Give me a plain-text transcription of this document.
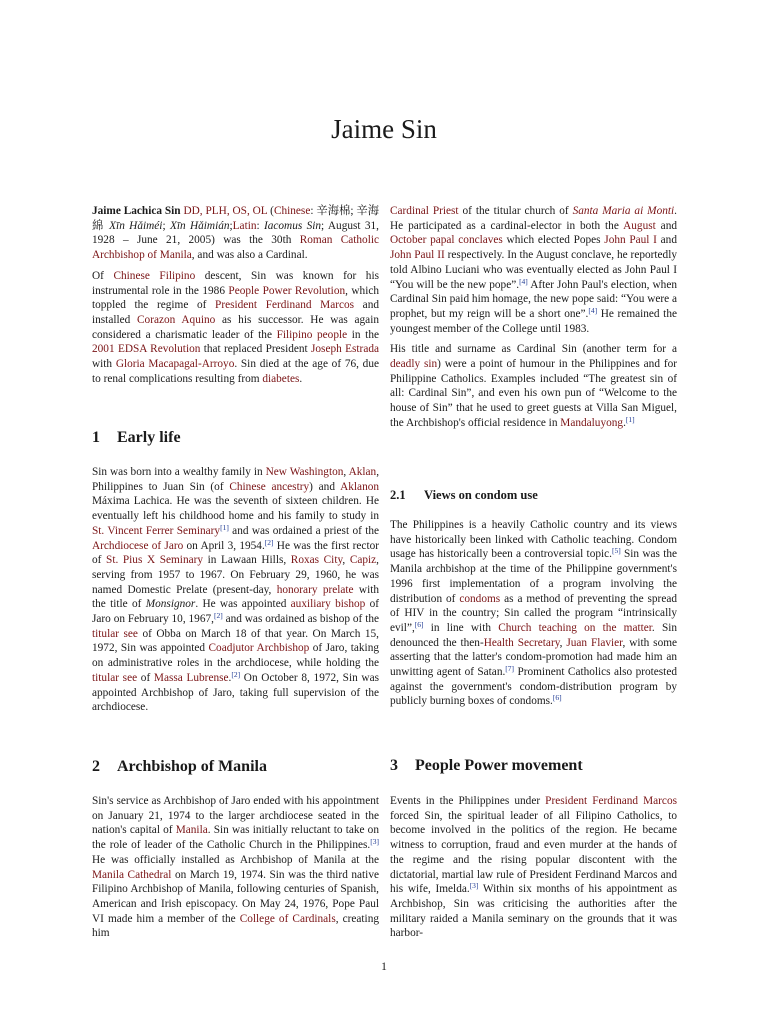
Jaime Sin

Jaime Lachica Sin DD, PLH, OS, OL (Chinese: 辛海棉; 辛海綿 Xīn Hǎiméi; Xīn Hǎimián;Latin: Iacomus Sin; August 31, 1928 – June 21, 2005) was the 30th Roman Catholic Archbishop of Manila, and was also a Cardinal.

Of Chinese Filipino descent, Sin was known for his instrumental role in the 1986 People Power Revolution, which toppled the regime of President Ferdinand Marcos and installed Corazon Aquino as his successor. He was again considered a charismatic leader of the Filipino people in the 2001 EDSA Revolution that replaced President Joseph Estrada with Gloria Macapagal-Arroyo. Sin died at the age of 76, due to renal complications resulting from diabetes.

1 Early life

Sin was born into a wealthy family in New Washington, Aklan, Philippines to Juan Sin (of Chinese ancestry) and Aklanon Máxima Lachica. He was the seventh of sixteen children. He eventually left his childhood home and his family to study in St. Vincent Ferrer Seminary[1] and was ordained a priest of the Archdiocese of Jaro on April 3, 1954.[2] He was the first rector of St. Pius X Seminary in Lawaan Hills, Roxas City, Capiz, serving from 1957 to 1967. On February 29, 1960, he was named Domestic Prelate (present-day, honorary prelate with the title of Monsignor. He was appointed auxiliary bishop of Jaro on February 10, 1967,[2] and was ordained as bishop of the titular see of Obba on March 18 of that year. On March 15, 1972, Sin was appointed Coadjutor Archbishop of Jaro, taking on administrative roles in the archdiocese, while holding the titular see of Massa Lubrense.[2] On October 8, 1972, Sin was appointed Archbishop of Jaro, taking full supervision of the archdiocese.

2 Archbishop of Manila

Sin's service as Archbishop of Jaro ended with his appointment on January 21, 1974 to the larger archdiocese seated in the nation's capital of Manila. Sin was initially reluctant to take on the role of leader of the Catholic Church in the Philippines.[3] He was officially installed as Archbishop of Manila at the Manila Cathedral on March 19, 1974. Sin was the third native Filipino Archbishop of Manila, following centuries of Spanish, American and Irish episcopacy. On May 24, 1976, Pope Paul VI made him a member of the College of Cardinals, creating him

Cardinal Priest of the titular church of Santa Maria ai Monti. He participated as a cardinal-elector in both the August and October papal conclaves which elected Popes John Paul I and John Paul II respectively. In the August conclave, he reportedly told Albino Luciani who was eventually elected as John Paul I “You will be the new pope”.[4] After John Paul's election, when Cardinal Sin paid him homage, the new pope said: “You were a prophet, but my reign will be a short one”.[4] He remained the youngest member of the College until 1983.

His title and surname as Cardinal Sin (another term for a deadly sin) were a point of humour in the Philippines and for Philippine Catholics. Examples included “The greatest sin of all: Cardinal Sin”, and even his own pun of “Welcome to the house of Sin” that he used to greet guests at Villa San Miguel, the Archbishop's official residence in Mandaluyong.[1]

2.1 Views on condom use

The Philippines is a heavily Catholic country and its views have historically been linked with Catholic teaching. Condom usage has historically been a controversial topic.[5] Sin was the Manila archbishop at the time of the Philippine government's 1996 first implementation of a program involving the distribution of condoms as a method of preventing the spread of HIV in the country; Sin called the program “intrinsically evil”,[6] in line with Church teaching on the matter. Sin denounced the then-Health Secretary, Juan Flavier, with some asserting that the latter's condom-promotion had made him an unwitting agent of Satan.[7] Prominent Catholics also protested against the government's condom-distribution program by publicly burning boxes of condoms.[6]

3 People Power movement

Events in the Philippines under President Ferdinand Marcos forced Sin, the spiritual leader of all Filipino Catholics, to become involved in the politics of the region. He became witness to corruption, fraud and even murder at the hands of the regime and the rising popular discontent with the dictatorial, martial law rule of President Ferdinand Marcos and his wife, Imelda.[3] Within six months of his appointment as Archbishop, Sin was criticising the authorities after the military raided a Manila seminary on the grounds that it was harbor-

1
